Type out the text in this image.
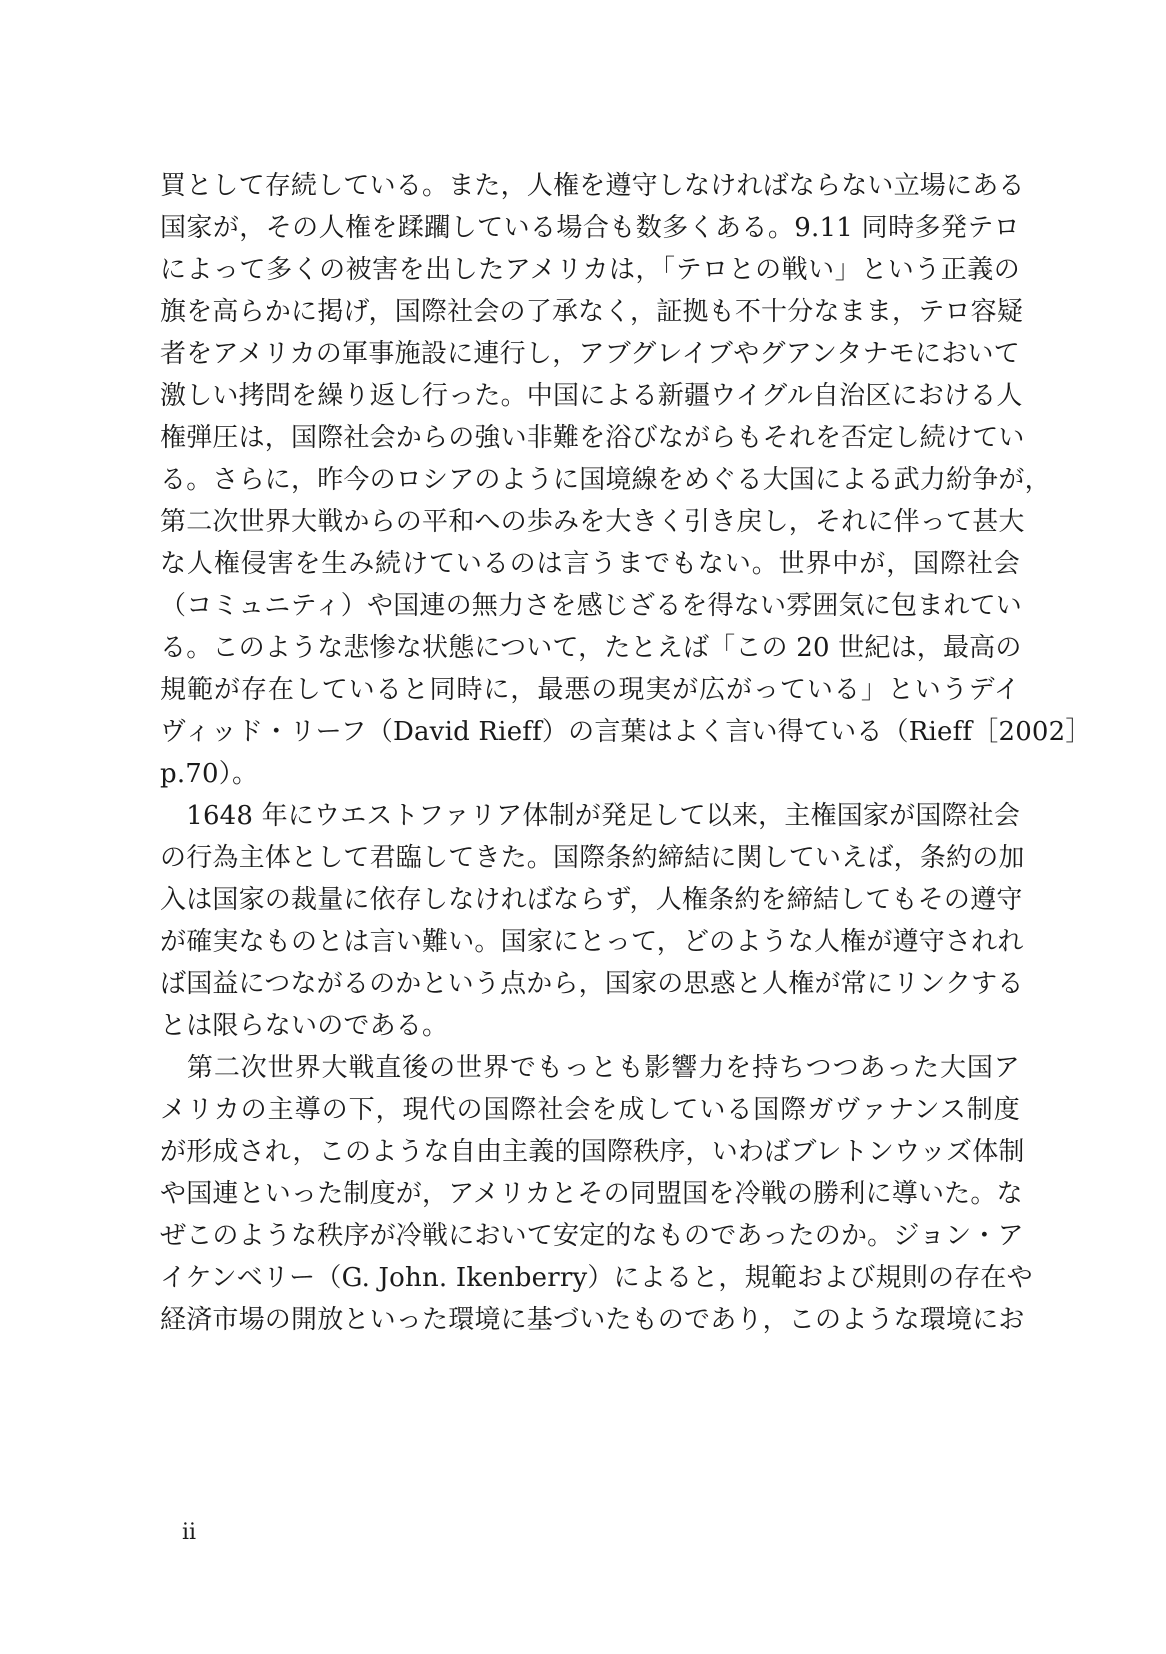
買として存続している。また，人権を遵守しなければならない立場にある
国家が，その人権を蹂躙している場合も数多くある。9.11 同時多発テロ
によって多くの被害を出したアメリカは，「テロとの戦い」という正義の
旗を高らかに掲げ，国際社会の了承なく，証拠も不十分なまま，テロ容疑
者をアメリカの軍事施設に連行し，アブグレイブやグアンタナモにおいて
激しい拷問を繰り返し行った。中国による新疆ウイグル自治区における人
権弾圧は，国際社会からの強い非難を浴びながらもそれを否定し続けてい
る。さらに，昨今のロシアのように国境線をめぐる大国による武力紛争が，
第二次世界大戦からの平和への歩みを大きく引き戻し，それに伴って甚大
な人権侵害を生み続けているのは言うまでもない。世界中が，国際社会
（コミュニティ）や国連の無力さを感じざるを得ない雰囲気に包まれてい
る。このような悲惨な状態について，たとえば「この 20 世紀は，最高の
規範が存在していると同時に，最悪の現実が広がっている」というデイ
ヴィッド・リーフ（David Rieff）の言葉はよく言い得ている（Rieff［2002］
p.70）。
　1648 年にウエストファリア体制が発足して以来，主権国家が国際社会
の行為主体として君臨してきた。国際条約締結に関していえば，条約の加
入は国家の裁量に依存しなければならず，人権条約を締結してもその遵守
が確実なものとは言い難い。国家にとって，どのような人権が遵守されれ
ば国益につながるのかという点から，国家の思惑と人権が常にリンクする
とは限らないのである。
　第二次世界大戦直後の世界でもっとも影響力を持ちつつあった大国ア
メリカの主導の下，現代の国際社会を成している国際ガヴァナンス制度
が形成され，このような自由主義的国際秩序，いわばブレトンウッズ体制
や国連といった制度が，アメリカとその同盟国を冷戦の勝利に導いた。な
ぜこのような秩序が冷戦において安定的なものであったのか。ジョン・ア
イケンベリー（G. John. Ikenberry）によると，規範および規則の存在や
経済市場の開放といった環境に基づいたものであり，このような環境にお
ii
